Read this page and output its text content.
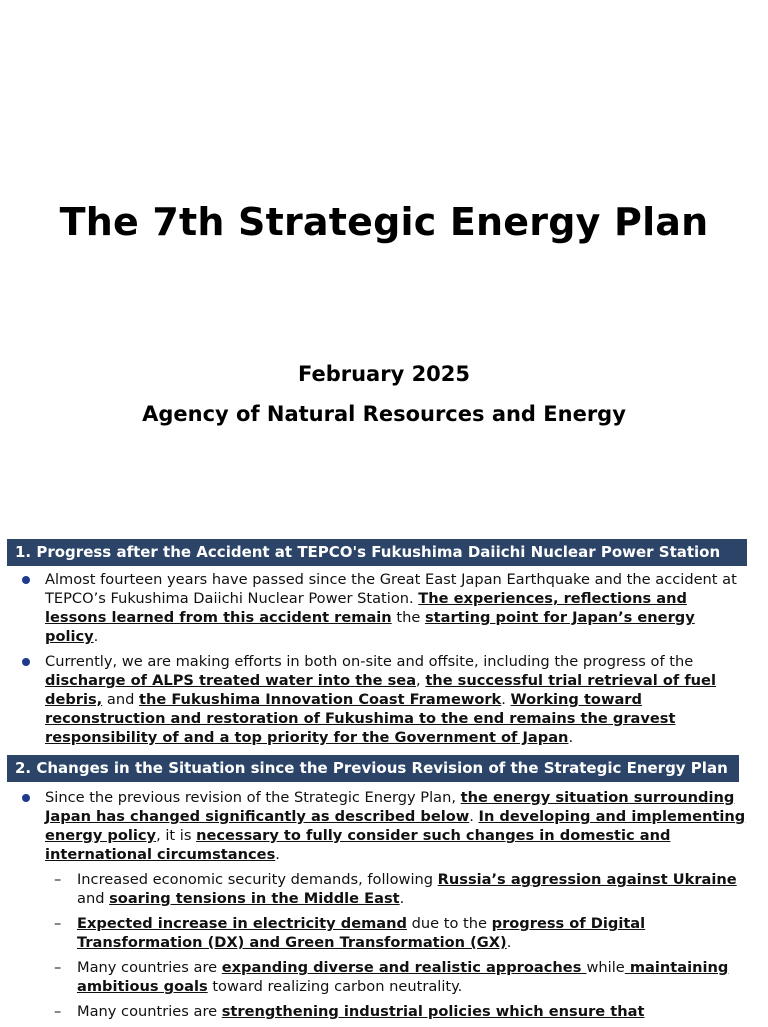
The 7th Strategic Energy Plan
February 2025
Agency of Natural Resources and Energy
1. Progress after the Accident at TEPCO's Fukushima Daiichi Nuclear Power Station
Almost fourteen years have passed since the Great East Japan Earthquake and the accident at TEPCO’s Fukushima Daiichi Nuclear Power Station. The experiences, reflections and lessons learned from this accident remain the starting point for Japan’s energy policy.
Currently, we are making efforts in both on-site and offsite, including the progress of the discharge of ALPS treated water into the sea, the successful trial retrieval of fuel debris, and the Fukushima Innovation Coast Framework. Working toward reconstruction and restoration of Fukushima to the end remains the gravest responsibility of and a top priority for the Government of Japan.
2. Changes in the Situation since the Previous Revision of the Strategic Energy Plan
Since the previous revision of the Strategic Energy Plan, the energy situation surrounding Japan has changed significantly as described below. In developing and implementing energy policy, it is necessary to fully consider such changes in domestic and international circumstances.
– Increased economic security demands, following Russia’s aggression against Ukraine and soaring tensions in the Middle East.
– Expected increase in electricity demand due to the progress of Digital Transformation (DX) and Green Transformation (GX).
– Many countries are expanding diverse and realistic approaches while maintaining ambitious goals toward realizing carbon neutrality.
– Many countries are strengthening industrial policies which ensure that
